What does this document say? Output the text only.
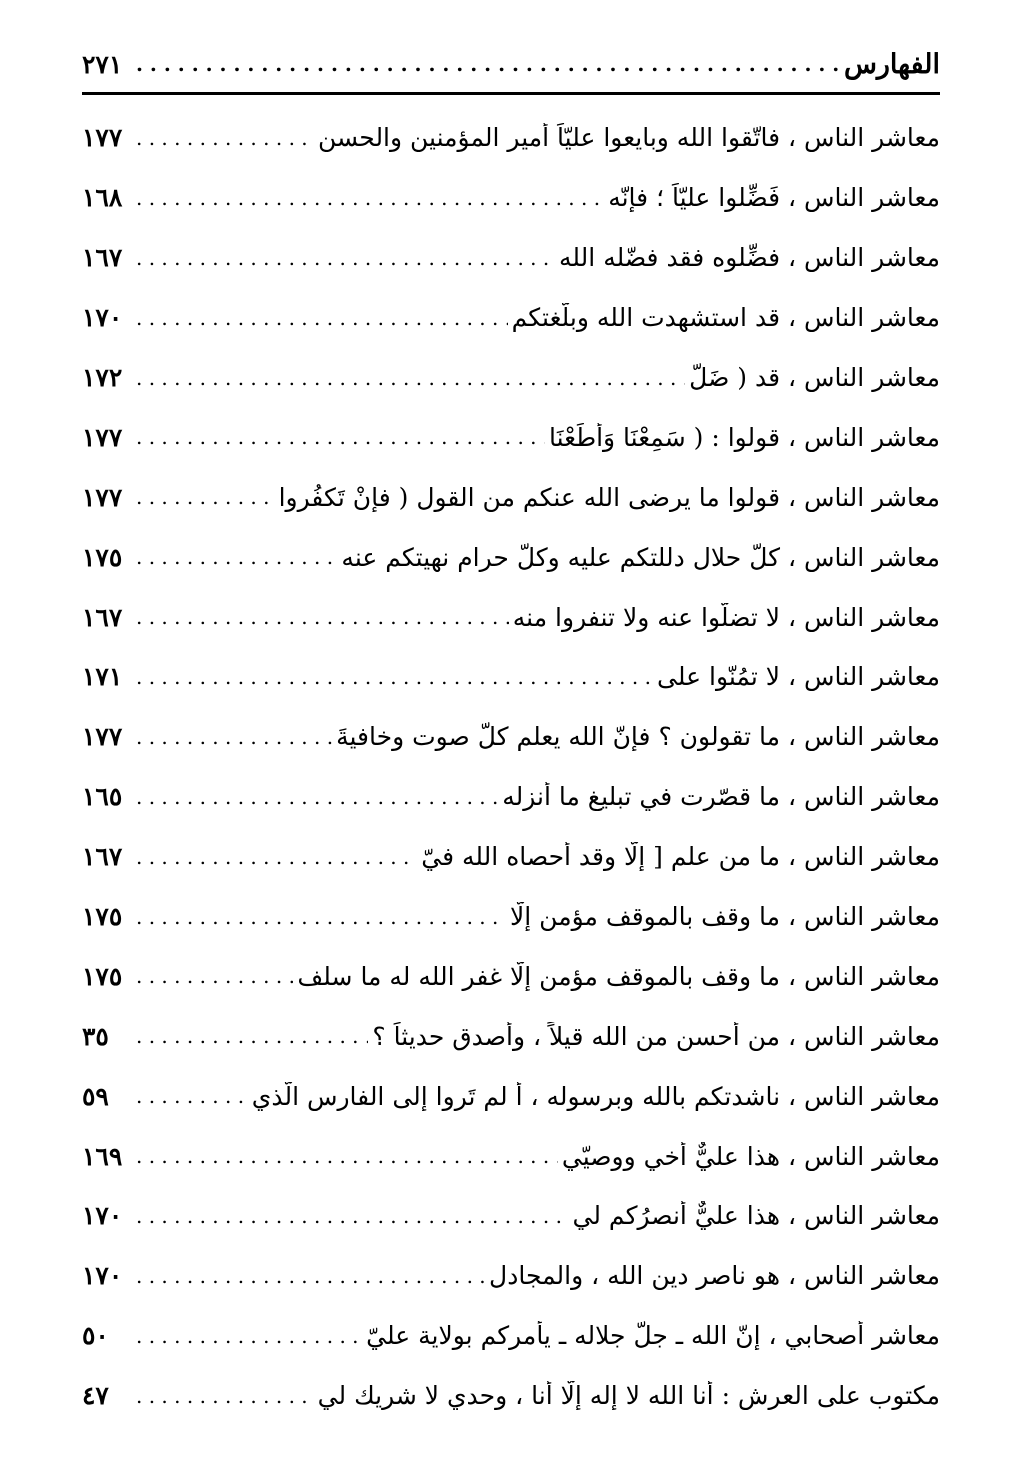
الفهارس
. . .
٢٧١
معاشر الناس ، فاتّقوا الله وبايعوا عليّاً أمير المؤمنين والحسن
. . .
١٧٧
معاشر الناس ، فَضِّلوا عليّاً ؛ فإنّه
. . .
١٦٨
معاشر الناس ، فضِّلوه فقد فضّله الله
. . .
١٦٧
معاشر الناس ، قد استشهدت الله وبلّغتكم
. . .
١٧٠
معاشر الناس ، قد ( ضَلَّ
. . .
١٧٢
معاشر الناس ، قولوا : ( سَمِعْنَا وَأَطَعْنَا
. . .
١٧٧
معاشر الناس ، قولوا ما يرضى الله عنكم من القول ( فإنْ تَكفُروا
. . .
١٧٧
معاشر الناس ، كلّ حلال دللتكم عليه وكلّ حرامٍ نهيتكم عنه
. . .
١٧٥
معاشر الناس ، لا تضلّوا عنه ولا تنفروا منه
. . .
١٦٧
معاشر الناس ، لا تمُنّوا على
. . .
١٧١
معاشر الناس ، ما تقولون ؟ فإنّ الله يعلم كلّ صوت وخافيةَ
. . .
١٧٧
معاشر الناس ، ما قصّرت في تبليغ ما أنزله
. . .
١٦٥
معاشر الناس ، ما من علم [ إلّا وقد أحصاه الله فيّ
. . .
١٦٧
معاشر الناس ، ما وقف بالموقف مؤمن إلّا
. . .
١٧٥
معاشر الناس ، ما وقف بالموقف مؤمن إلّا غفر الله له ما سلف
. . .
١٧٥
معاشر الناس ، من أحسن من الله قيلاً ، وأصدق حديثاً ؟
. . .
٣٥
معاشر الناس ، ناشدتكم بالله وبرسوله ، أ لم تَروا إلى الفارِس الّذي
. . .
٥٩
معاشر الناس ، هذا عليٌّ أخي ووصيّي
. . .
١٦٩
معاشر الناس ، هذا عليٌّ أنصرُكم لي
. . .
١٧٠
معاشر الناس ، هو ناصر دين الله ، والمجادل
. . .
١٧٠
معاشر أصحابي ، إنّ الله ـ جلّ جلاله ـ يأمركم بولاية عليّ
. . .
٥٠
مكتوب على العرش : أنا الله لا إله إلّا أنا ، وحدي لا شريك لي
. . .
٤٧
